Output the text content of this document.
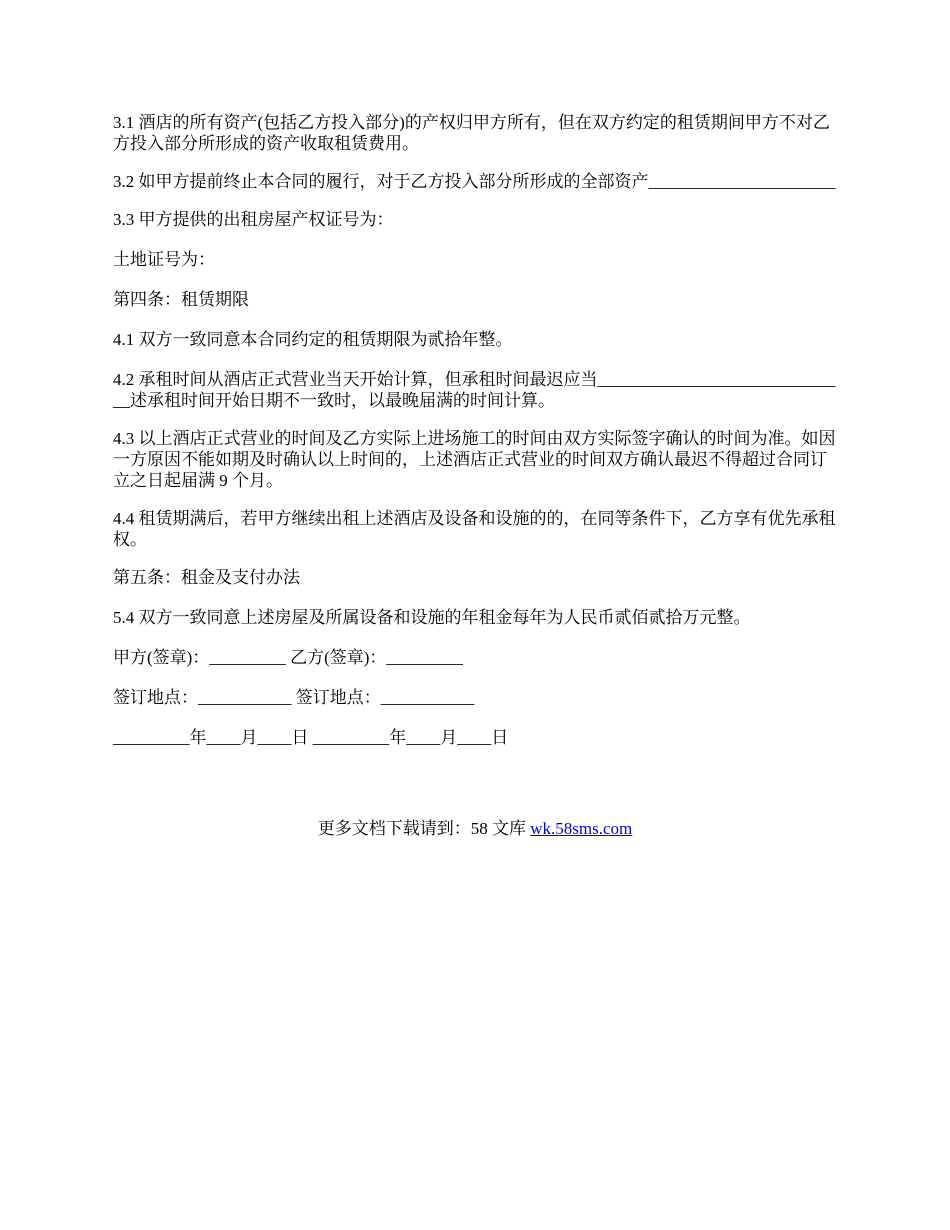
3.1 酒店的所有资产(包括乙方投入部分)的产权归甲方所有，但在双方约定的租赁期间甲方不对乙方投入部分所形成的资产收取租赁费用。

3.2 如甲方提前终止本合同的履行，对于乙方投入部分所形成的全部资产______________________

3.3 甲方提供的出租房屋产权证号为：

土地证号为：

第四条：租赁期限

4.1 双方一致同意本合同约定的租赁期限为贰拾年整。

4.2 承租时间从酒店正式营业当天开始计算，但承租时间最迟应当______________________________述承租时间开始日期不一致时，以最晚届满的时间计算。

4.3 以上酒店正式营业的时间及乙方实际上进场施工的时间由双方实际签字确认的时间为准。如因一方原因不能如期及时确认以上时间的，上述酒店正式营业的时间双方确认最迟不得超过合同订立之日起届满 9 个月。

4.4 租赁期满后，若甲方继续出租上述酒店及设备和设施的的，在同等条件下，乙方享有优先承租权。

第五条：租金及支付办法

5.4 双方一致同意上述房屋及所属设备和设施的年租金每年为人民币贰佰贰拾万元整。

甲方(签章)：_________ 乙方(签章)：_________

签订地点：___________ 签订地点：___________

_________年____月____日 _________年____月____日

更多文档下载请到：58 文库 wk.58sms.com
